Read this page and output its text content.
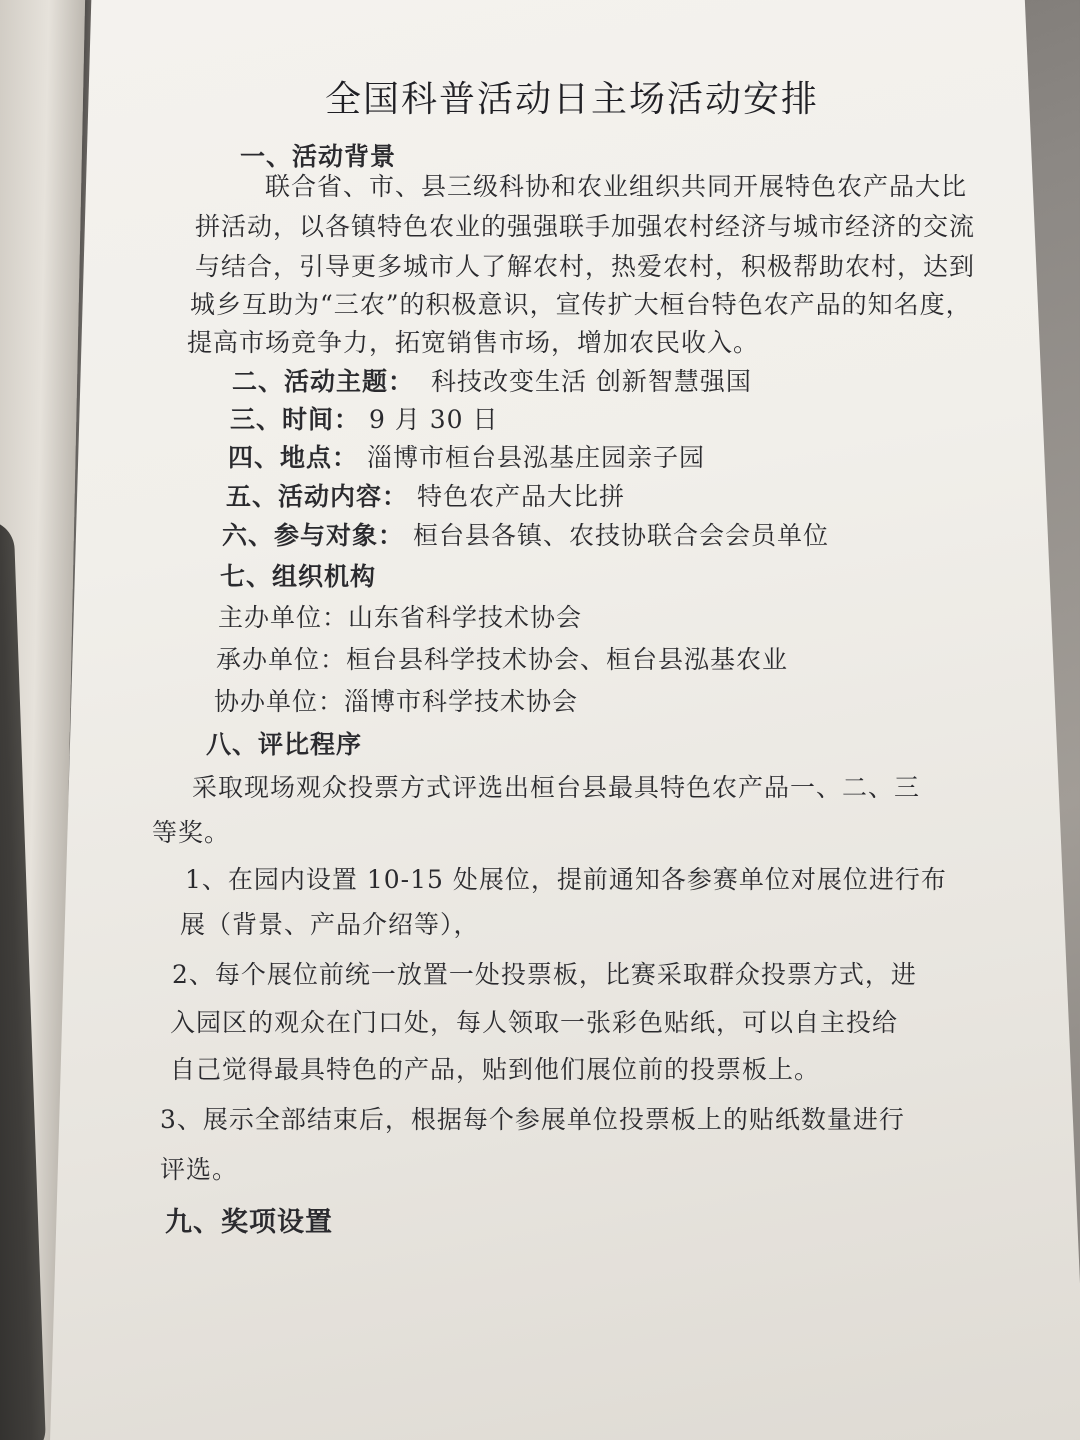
全国科普活动日主场活动安排
一、活动背景
联合省、市、县三级科协和农业组织共同开展特色农产品大比
拼活动，以各镇特色农业的强强联手加强农村经济与城市经济的交流
与结合，引导更多城市人了解农村，热爱农村，积极帮助农村，达到
城乡互助为“三农”的积极意识，宣传扩大桓台特色农产品的知名度，
提高市场竞争力，拓宽销售市场，增加农民收入。
二、活动主题： 科技改变生活 创新智慧强国
三、时间： 9 月 30 日
四、地点： 淄博市桓台县泓基庄园亲子园
五、活动内容： 特色农产品大比拼
六、参与对象： 桓台县各镇、农技协联合会会员单位
七、组织机构
主办单位：山东省科学技术协会
承办单位：桓台县科学技术协会、桓台县泓基农业
协办单位：淄博市科学技术协会
八、评比程序
采取现场观众投票方式评选出桓台县最具特色农产品一、二、三
等奖。
1、在园内设置 10-15 处展位，提前通知各参赛单位对展位进行布
展（背景、产品介绍等），
2、每个展位前统一放置一处投票板，比赛采取群众投票方式，进
入园区的观众在门口处，每人领取一张彩色贴纸，可以自主投给
自己觉得最具特色的产品，贴到他们展位前的投票板上。
3、展示全部结束后，根据每个参展单位投票板上的贴纸数量进行
评选。
九、奖项设置
